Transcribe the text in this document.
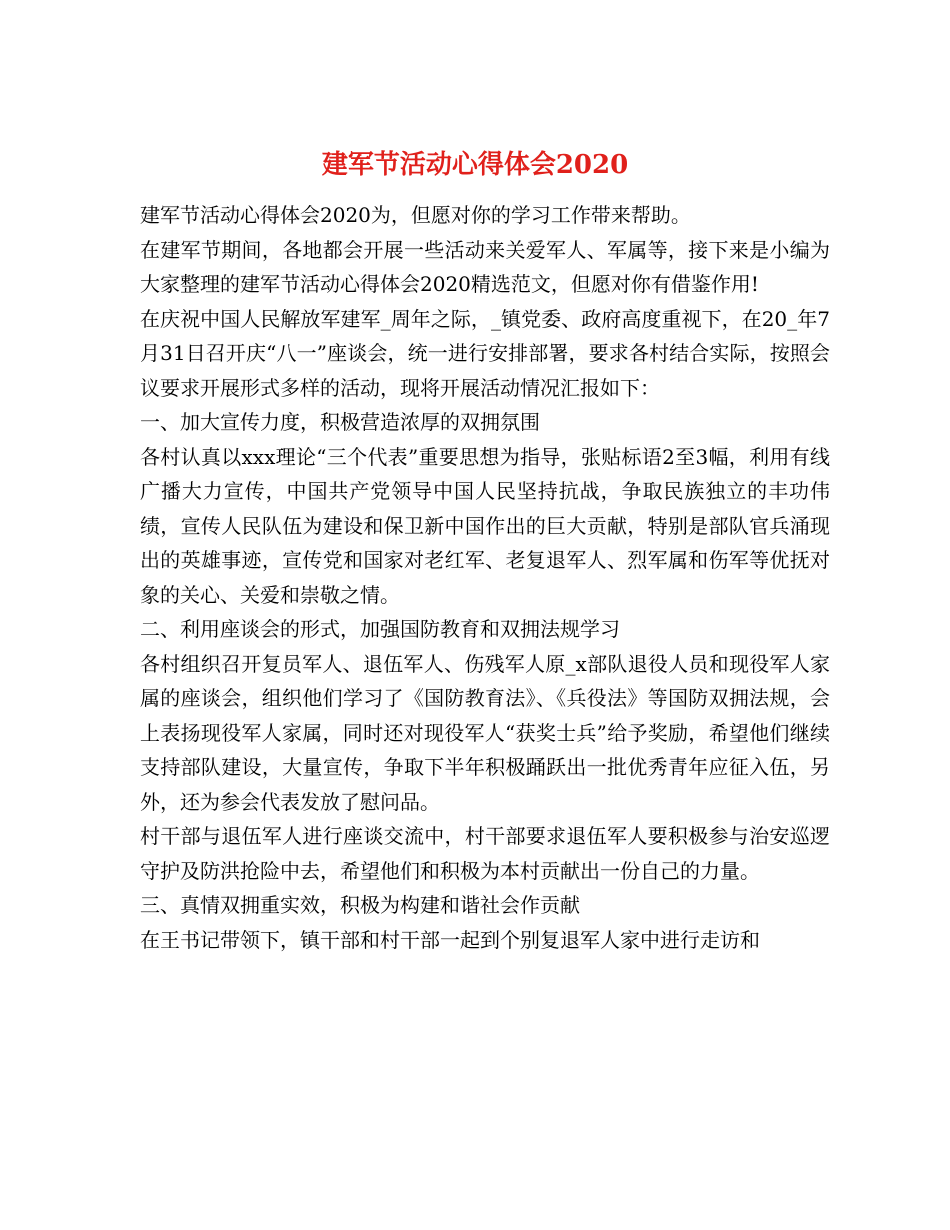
建军节活动心得体会2020

建军节活动心得体会2020为，但愿对你的学习工作带来帮助。

在建军节期间，各地都会开展一些活动来关爱军人、军属等，接下来是小编为大家整理的建军节活动心得体会2020精选范文，但愿对你有借鉴作用!

在庆祝中国人民解放军建军_周年之际，_镇党委、政府高度重视下，在20_年7月31日召开庆“八一”座谈会，统一进行安排部署，要求各村结合实际，按照会议要求开展形式多样的活动，现将开展活动情况汇报如下：

一、加大宣传力度，积极营造浓厚的双拥氛围

各村认真以xxx理论“三个代表”重要思想为指导，张贴标语2至3幅，利用有线广播大力宣传，中国共产党领导中国人民坚持抗战，争取民族独立的丰功伟绩，宣传人民队伍为建设和保卫新中国作出的巨大贡献，特别是部队官兵涌现出的英雄事迹，宣传党和国家对老红军、老复退军人、烈军属和伤军等优抚对象的关心、关爱和崇敬之情。

二、利用座谈会的形式，加强国防教育和双拥法规学习

各村组织召开复员军人、退伍军人、伤残军人原_x部队退役人员和现役军人家属的座谈会，组织他们学习了《国防教育法》、《兵役法》等国防双拥法规，会上表扬现役军人家属，同时还对现役军人“获奖士兵”给予奖励，希望他们继续支持部队建设，大量宣传，争取下半年积极踊跃出一批优秀青年应征入伍，另外，还为参会代表发放了慰问品。

村干部与退伍军人进行座谈交流中，村干部要求退伍军人要积极参与治安巡逻守护及防洪抢险中去，希望他们和积极为本村贡献出一份自己的力量。

三、真情双拥重实效，积极为构建和谐社会作贡献

在王书记带领下，镇干部和村干部一起到个别复退军人家中进行走访和
